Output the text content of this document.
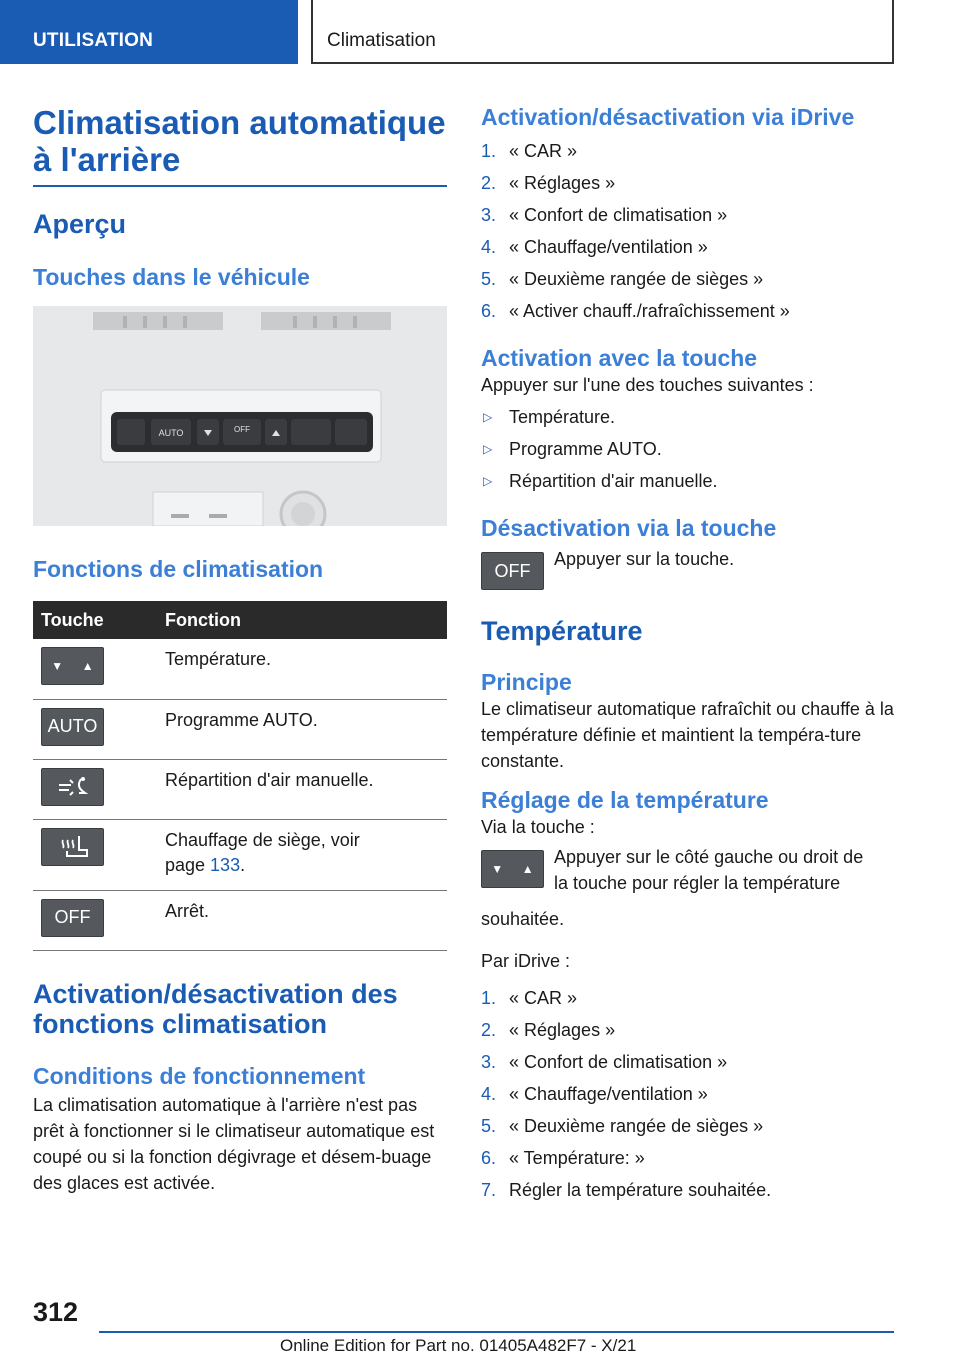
UTILISATION	Climatisation
Climatisation automatique à l'arrière
Aperçu
Touches dans le véhicule
AUTO	OFF
Fonctions de climatisation
Touche	Fonction

▼ ▲	Température.

AUTO	Programme AUTO.

	Répartition d'air manuelle.

	Chauffage de siège, voir
page 133.

OFF	Arrêt.
Activation/désactivation des fonctions climatisation
Conditions de fonctionnement

La climatisation automatique à l'arrière n'est pas prêt à fonctionner si le climatiseur automatique est coupé ou si la fonction dégivrage et désem-buage des glaces est activée.

Activation/désactivation via iDrive
1. « CAR »
2. « Réglages »
3. « Confort de climatisation »
4. « Chauffage/ventilation »
5. « Deuxième rangée de sièges »
6. « Activer chauff./rafraîchissement »
Activation avec la touche

Appuyer sur l'une des touches suivantes :

▷ Température.
▷ Programme AUTO.
▷ Répartition d'air manuelle.
Désactivation via la touche
OFF

Appuyer sur la touche.

Température
Principe

Le climatiseur automatique rafraîchit ou chauffe à la température définie et maintient la tempéra-ture constante.

Réglage de la température

Via la touche :

▼ ▲

Appuyer sur le côté gauche ou droit de

la touche pour régler la température

souhaitée.

Par iDrive :

1. « CAR »
2. « Réglages »
3. « Confort de climatisation »
4. « Chauffage/ventilation »
5. « Deuxième rangée de sièges »
6. « Température: »
7. Régler la température souhaitée.
312
Online Edition for Part no. 01405A482F7 - X/21
